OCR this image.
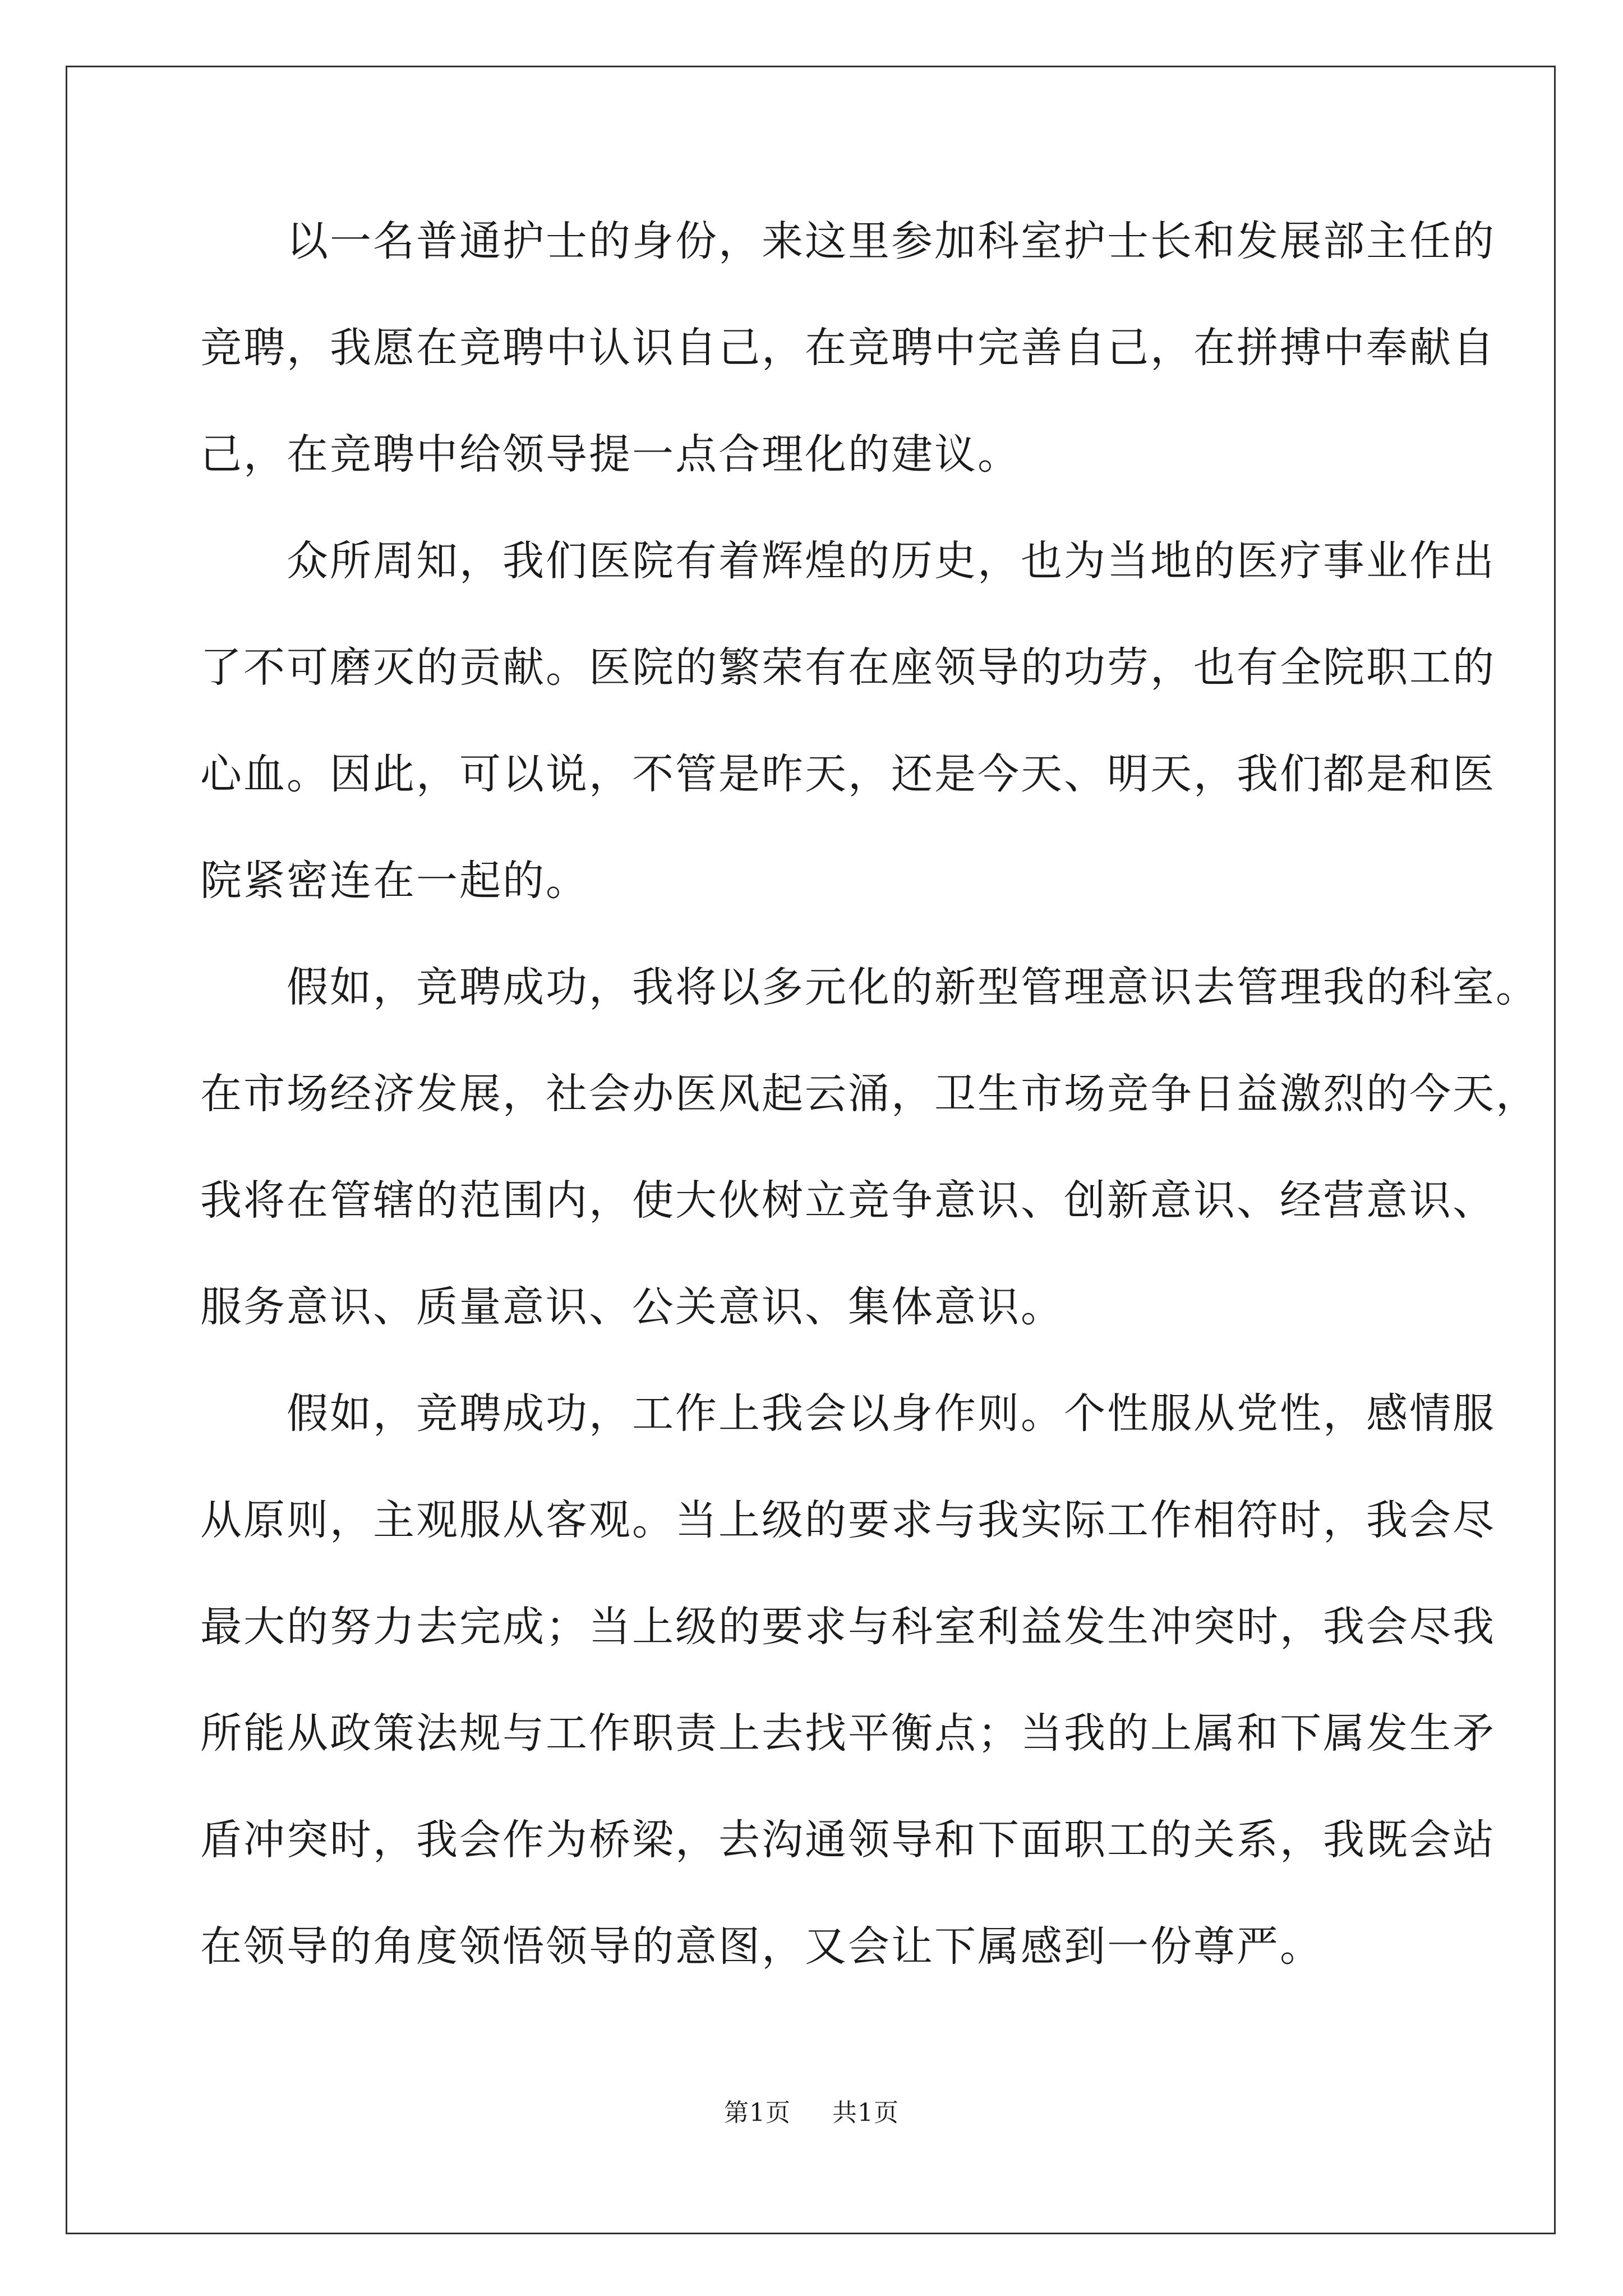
　　以一名普通护士的身份，来这里参加科室护士长和发展部主任的
竞聘，我愿在竞聘中认识自己，在竞聘中完善自己，在拼搏中奉献自
己，在竞聘中给领导提一点合理化的建议。
　　众所周知，我们医院有着辉煌的历史，也为当地的医疗事业作出
了不可磨灭的贡献。医院的繁荣有在座领导的功劳，也有全院职工的
心血。因此，可以说，不管是昨天，还是今天、明天，我们都是和医
院紧密连在一起的。
　　假如，竞聘成功，我将以多元化的新型管理意识去管理我的科室。
在市场经济发展，社会办医风起云涌，卫生市场竞争日益激烈的今天，
我将在管辖的范围内，使大伙树立竞争意识、创新意识、经营意识、
服务意识、质量意识、公关意识、集体意识。
　　假如，竞聘成功，工作上我会以身作则。个性服从党性，感情服
从原则，主观服从客观。当上级的要求与我实际工作相符时，我会尽
最大的努力去完成；当上级的要求与科室利益发生冲突时，我会尽我
所能从政策法规与工作职责上去找平衡点；当我的上属和下属发生矛
盾冲突时，我会作为桥梁，去沟通领导和下面职工的关系，我既会站
在领导的角度领悟领导的意图，又会让下属感到一份尊严。
第1页 共1页
